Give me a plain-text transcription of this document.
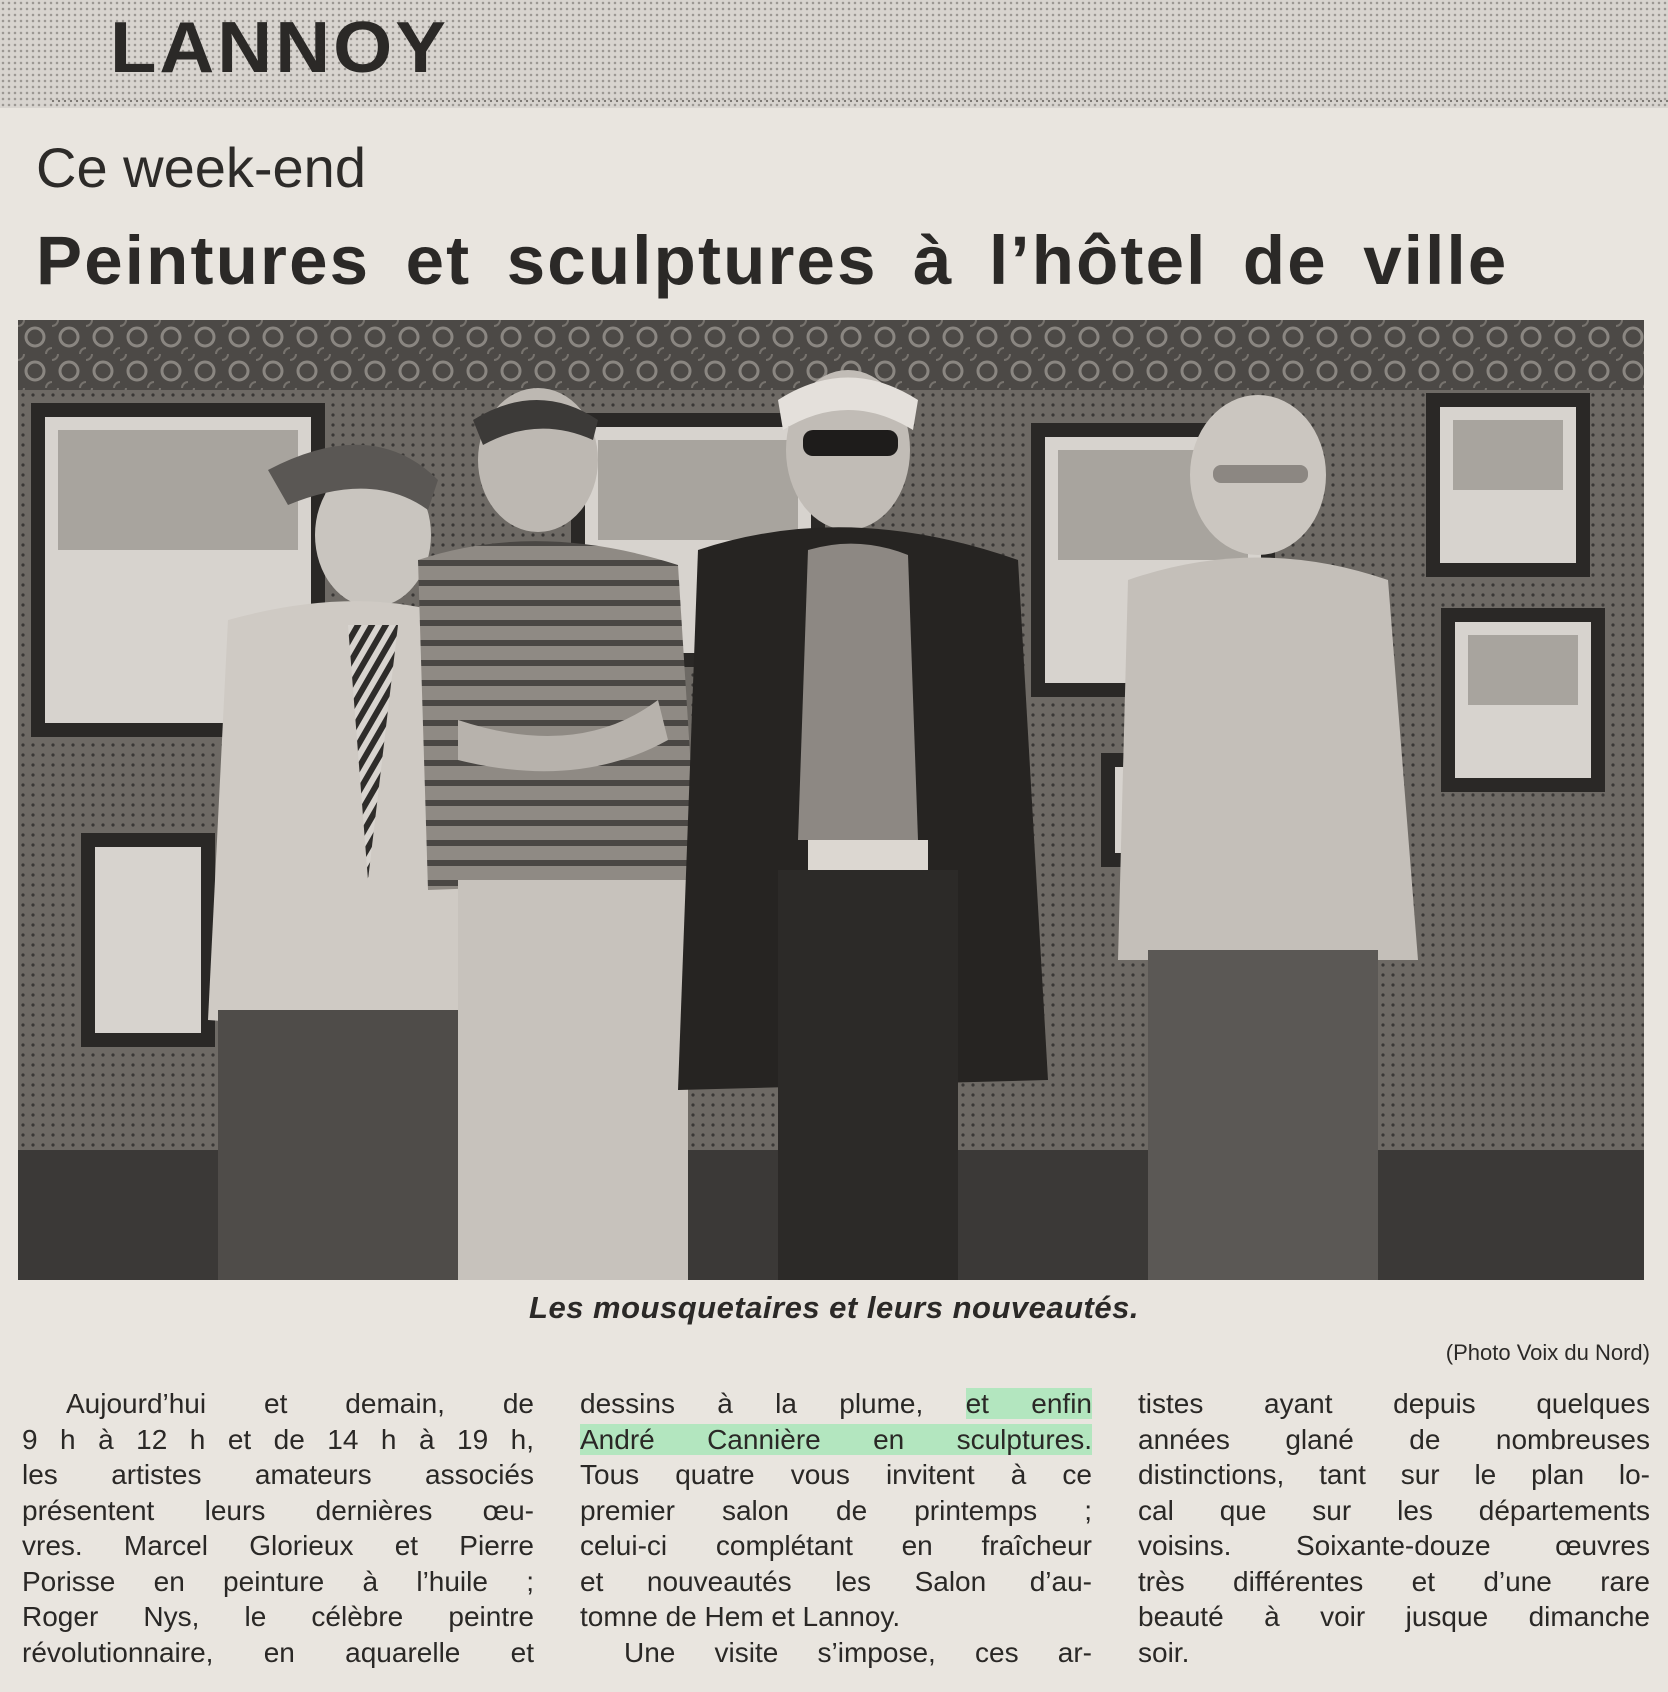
LANNOY
Ce week-end
Peintures et sculptures à l’hôtel de ville
Les mousquetaires et leurs nouveautés.
(Photo Voix du Nord)
Aujourd’hui et demain, de
9 h à 12 h et de 14 h à 19 h,
les artistes amateurs associés
présentent leurs dernières œu-
vres. Marcel Glorieux et Pierre
Porisse en peinture à l’huile ;
Roger Nys, le célèbre peintre
révolutionnaire, en aquarelle et
dessins à la plume, et enfin
André Cannière en sculptures.
Tous quatre vous invitent à ce
premier salon de printemps ;
celui-ci complétant en fraîcheur
et nouveautés les Salon d’au-
tomne de Hem et Lannoy.
Une visite s’impose, ces ar-
tistes ayant depuis quelques
années glané de nombreuses
distinctions, tant sur le plan lo-
cal que sur les départements
voisins. Soixante-douze œuvres
très différentes et d’une rare
beauté à voir jusque dimanche
soir.
